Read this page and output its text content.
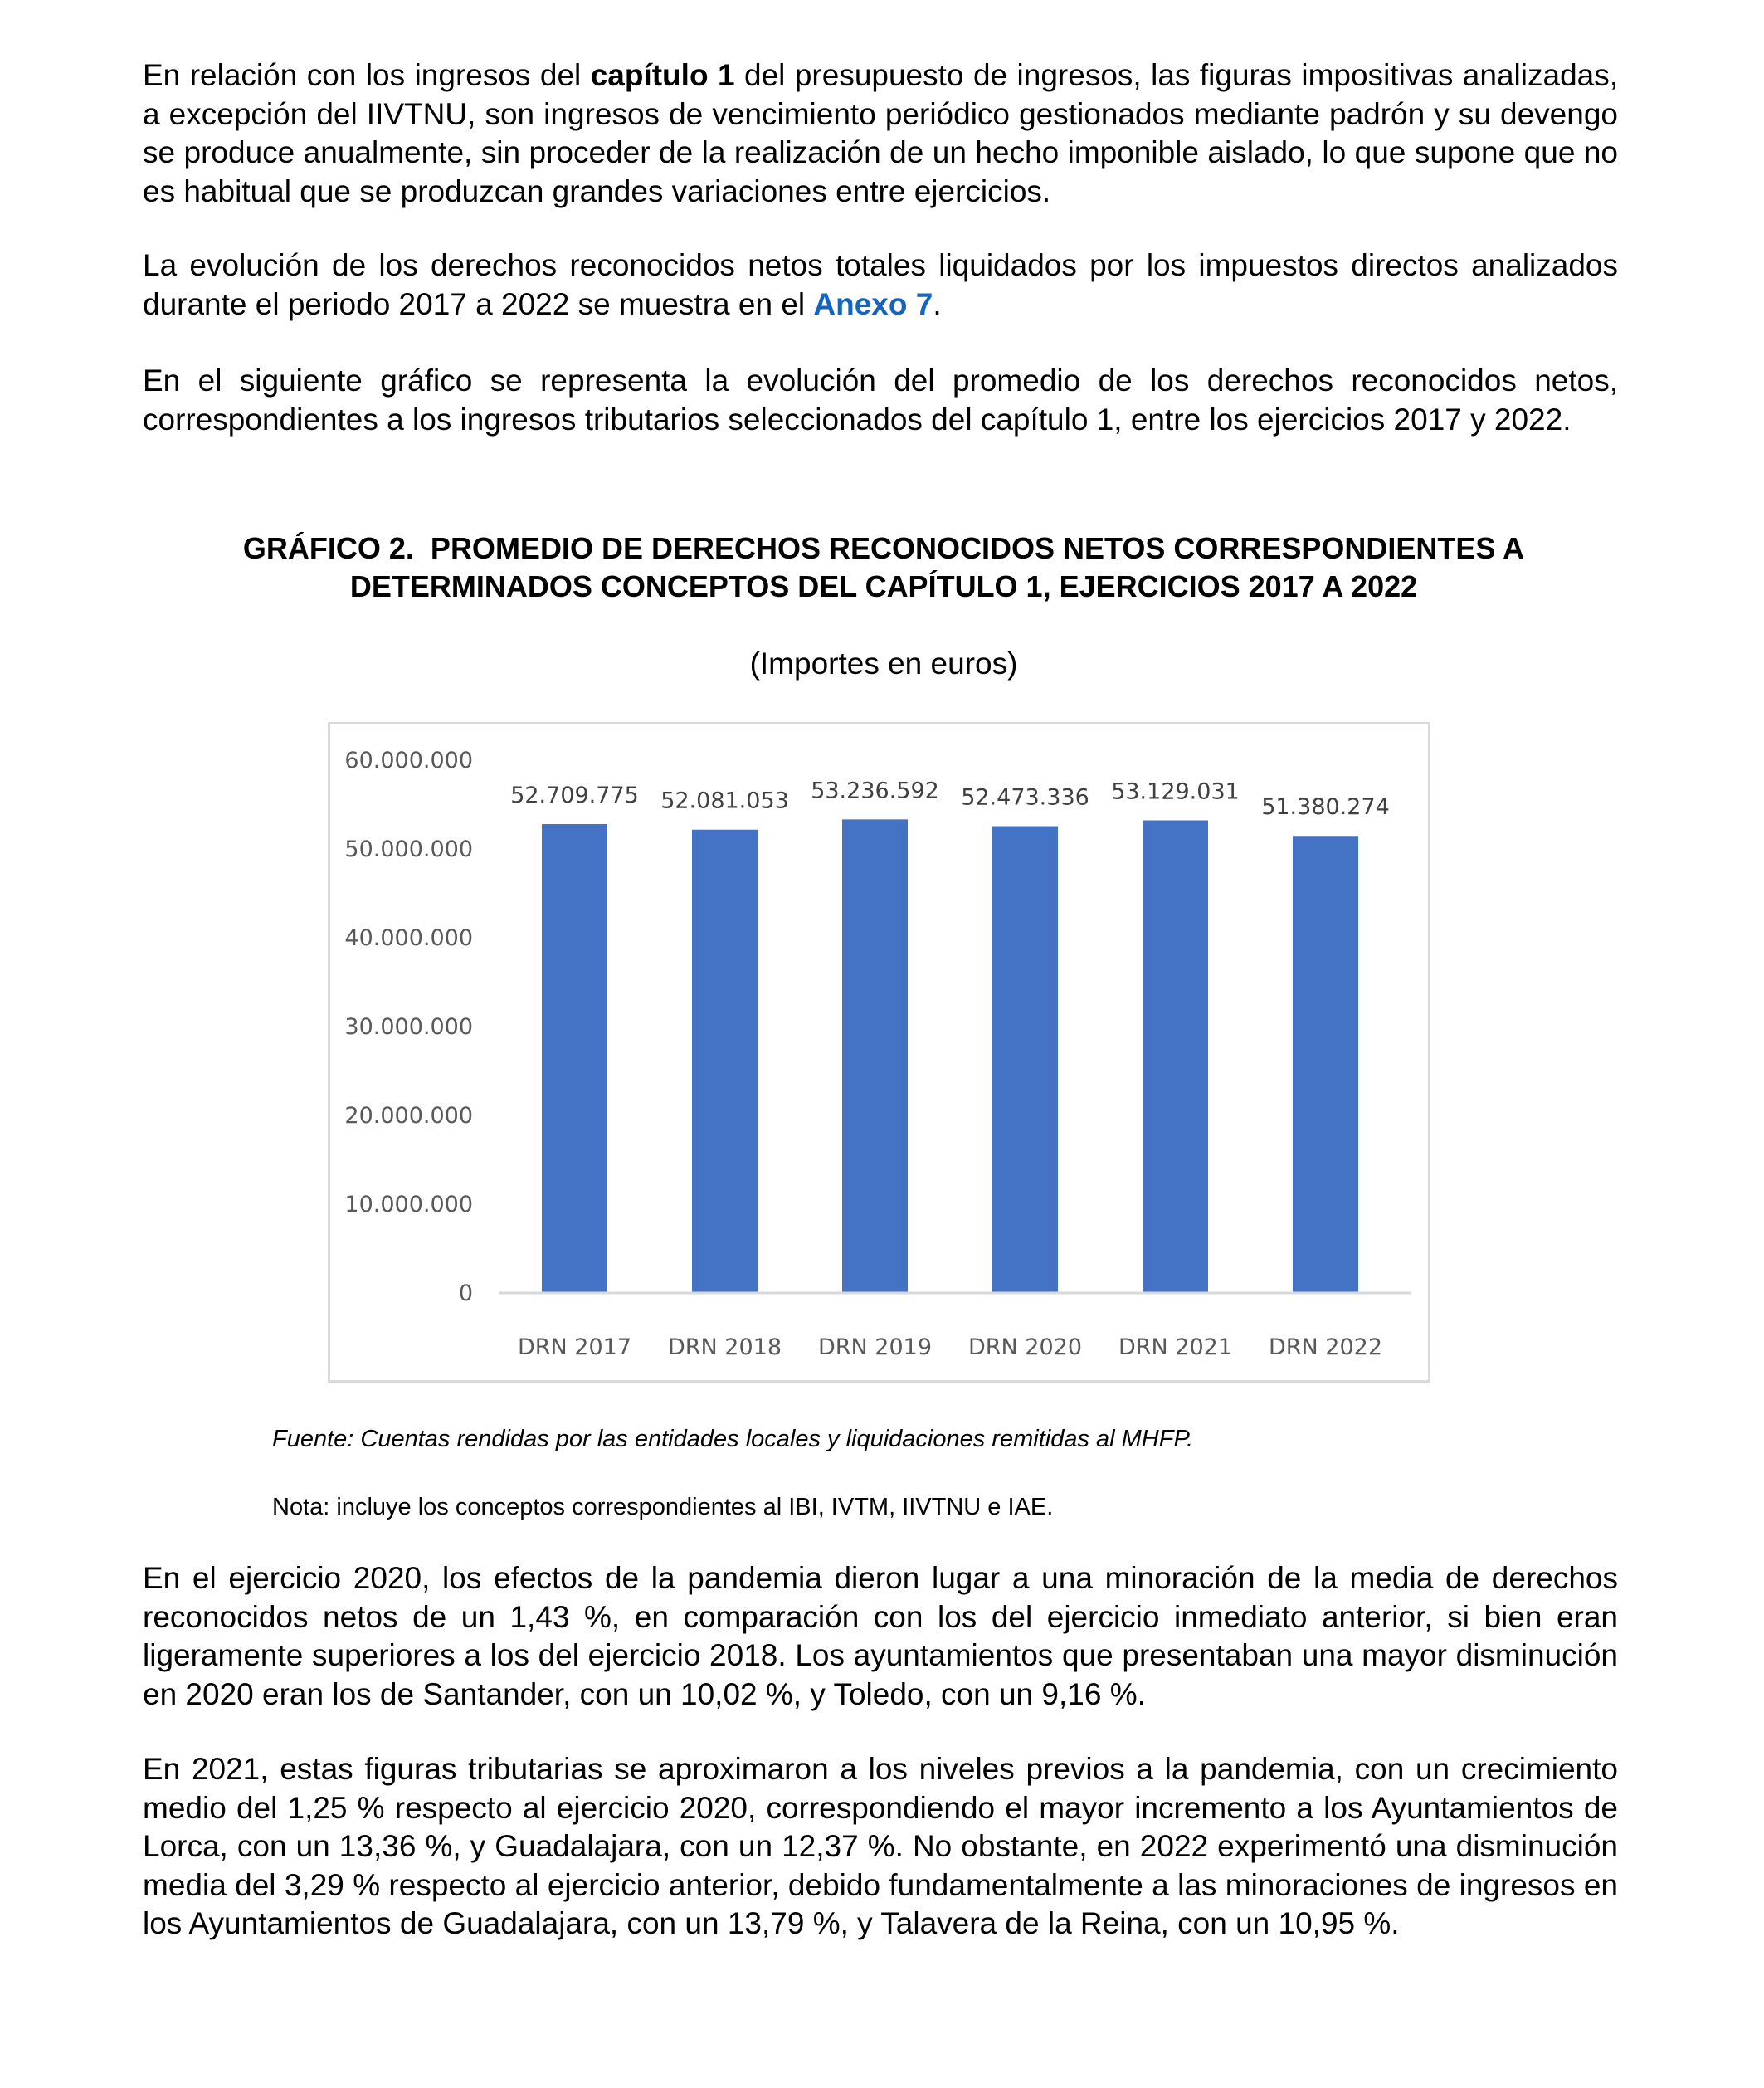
En relación con los ingresos del capítulo 1 del presupuesto de ingresos, las figuras impositivas analizadas, a excepción del IIVTNU, son ingresos de vencimiento periódico gestionados mediante padrón y su devengo se produce anualmente, sin proceder de la realización de un hecho imponible aislado, lo que supone que no es habitual que se produzcan grandes variaciones entre ejercicios.

La evolución de los derechos reconocidos netos totales liquidados por los impuestos directos analizados durante el periodo 2017 a 2022 se muestra en el Anexo 7.

En el siguiente gráfico se representa la evolución del promedio de los derechos reconocidos netos, correspondientes a los ingresos tributarios seleccionados del capítulo 1, entre los ejercicios 2017 y 2022.

GRÁFICO 2.  PROMEDIO DE DERECHOS RECONOCIDOS NETOS CORRESPONDIENTES A
DETERMINADOS CONCEPTOS DEL CAPÍTULO 1, EJERCICIOS 2017 A 2022

(Importes en euros)

0
10.000.000
20.000.000
30.000.000
40.000.000
50.000.000
60.000.000
52.709.775
DRN 2017
52.081.053
DRN 2018
53.236.592
DRN 2019
52.473.336
DRN 2020
53.129.031
DRN 2021
51.380.274
DRN 2022

Fuente: Cuentas rendidas por las entidades locales y liquidaciones remitidas al MHFP.

Nota: incluye los conceptos correspondientes al IBI, IVTM, IIVTNU e IAE.

En el ejercicio 2020, los efectos de la pandemia dieron lugar a una minoración de la media de derechos reconocidos netos de un 1,43 %, en comparación con los del ejercicio inmediato anterior, si bien eran ligeramente superiores a los del ejercicio 2018. Los ayuntamientos que presentaban una mayor disminución en 2020 eran los de Santander, con un 10,02 %, y Toledo, con un 9,16 %.

En 2021, estas figuras tributarias se aproximaron a los niveles previos a la pandemia, con un crecimiento medio del 1,25 % respecto al ejercicio 2020, correspondiendo el mayor incremento a los Ayuntamientos de Lorca, con un 13,36 %, y Guadalajara, con un 12,37 %. No obstante, en 2022 experimentó una disminución media del 3,29 % respecto al ejercicio anterior, debido fundamentalmente a las minoraciones de ingresos en los Ayuntamientos de Guadalajara, con un 13,79 %, y Talavera de la Reina, con un 10,95 %.
